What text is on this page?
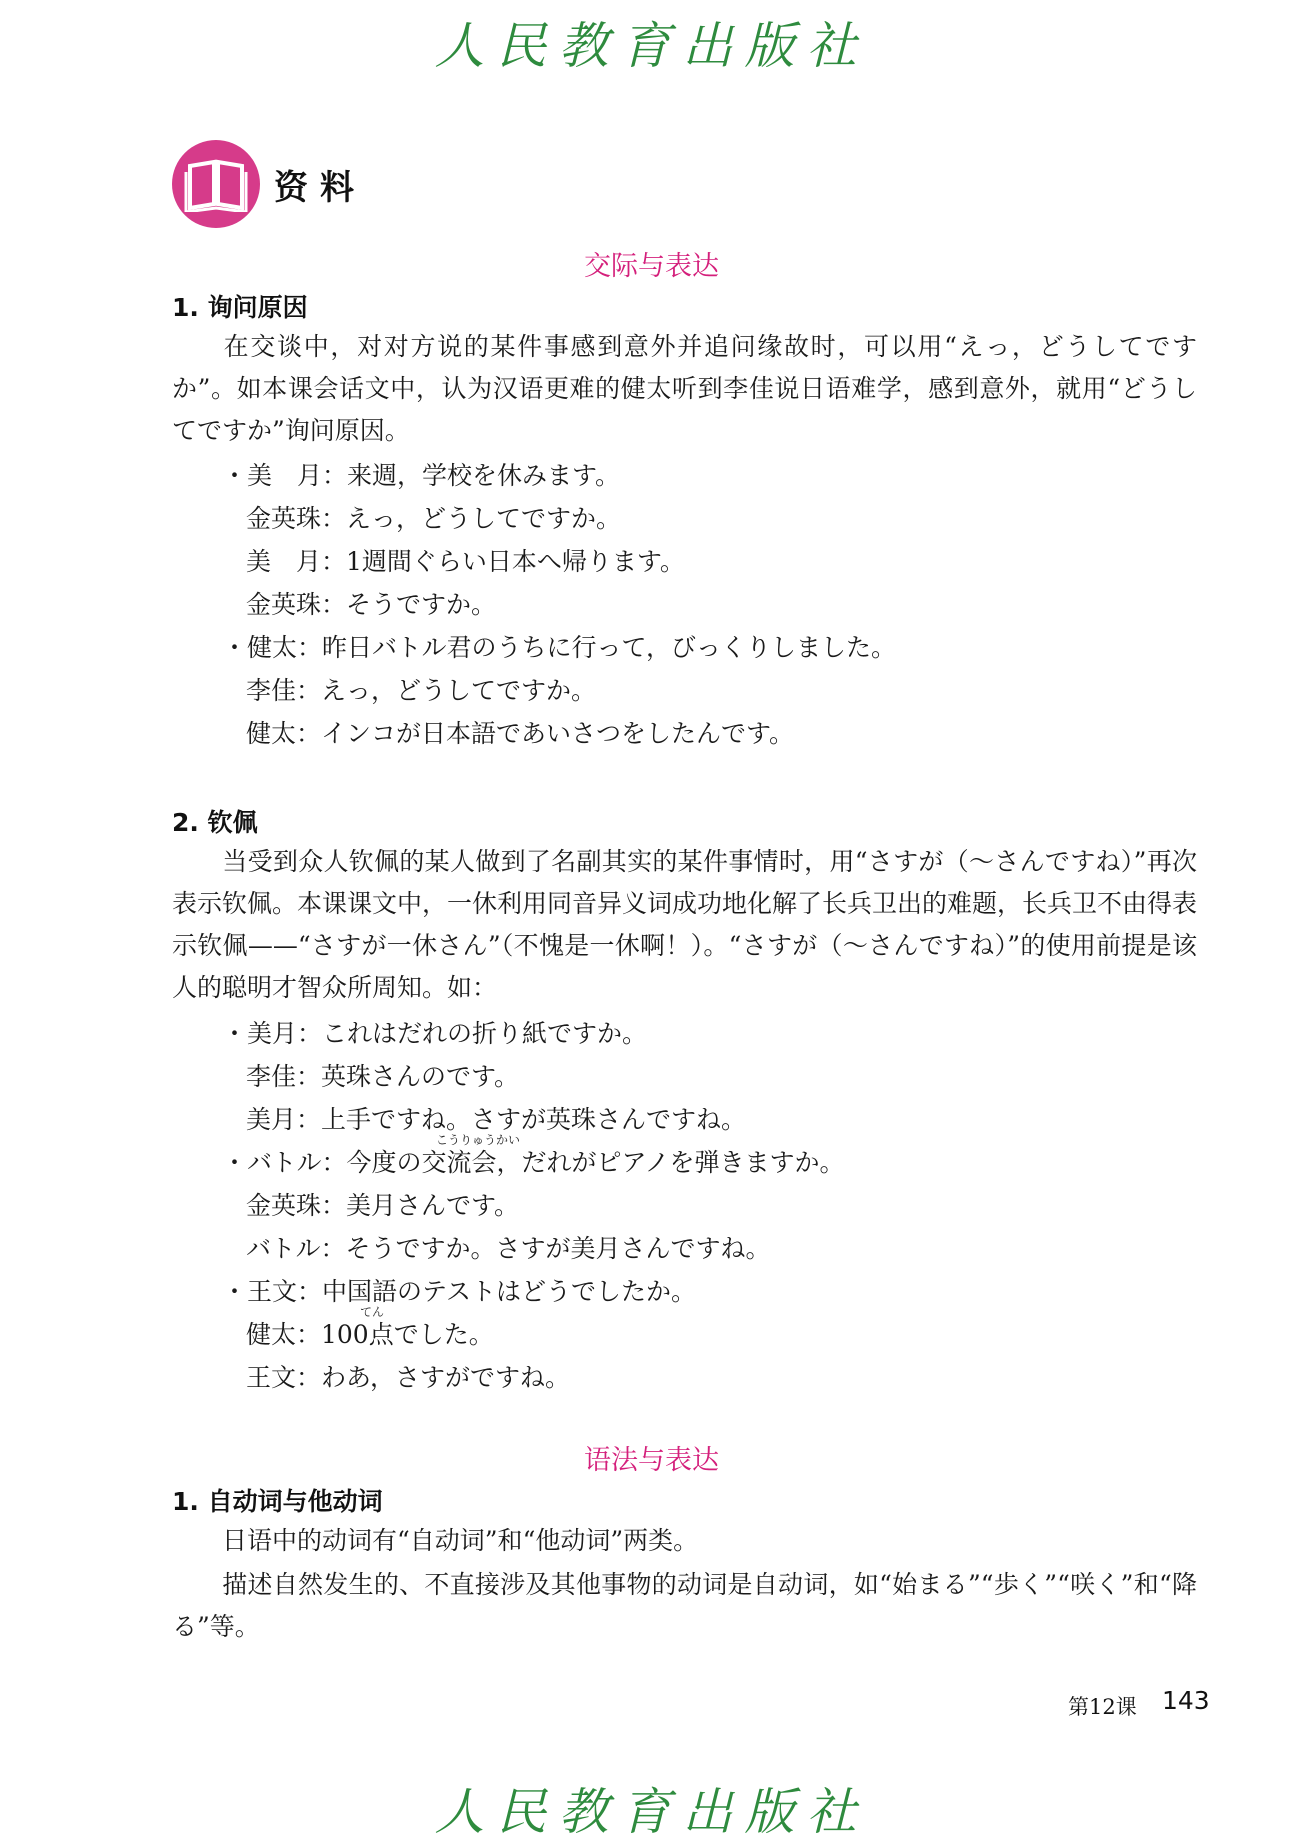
人民教育出版社
资料
交际与表达
1. 询问原因
在交谈中，对对方说的某件事感到意外并追问缘故时，可以用“えっ，どうしてですか”。如本课会话文中，认为汉语更难的健太听到李佳说日语难学，感到意外，就用“どうしてですか”询问原因。
・美　月：来週，学校を休みます。
金英珠：えっ，どうしてですか。
美　月：1週間ぐらい日本へ帰ります。
金英珠：そうですか。
・健太：昨日バトル君のうちに行って，びっくりしました。
李佳：えっ，どうしてですか。
健太：インコが日本語であいさつをしたんです。
2. 钦佩
当受到众人钦佩的某人做到了名副其实的某件事情时，用“さすが（～さんですね）”再次表示钦佩。本课课文中，一休利用同音异义词成功地化解了长兵卫出的难题，长兵卫不由得表示钦佩——“さすが一休さん”（不愧是一休啊！）。“さすが（～さんですね）”的使用前提是该人的聪明才智众所周知。如：
・美月：これはだれの折り紙ですか。
李佳：英珠さんのです。
美月：上手ですね。さすが英珠さんですね。
こうりゅうかい
・バトル：今度の交流会，だれがピアノを弾きますか。
金英珠：美月さんです。
バトル：そうですか。さすが美月さんですね。
・王文：中国語のテストはどうでしたか。
てん
健太：100点でした。
王文：わあ，さすがですね。
语法与表达
1. 自动词与他动词
日语中的动词有“自动词”和“他动词”两类。
描述自然发生的、不直接涉及其他事物的动词是自动词，如“始まる”“歩く”“咲く”和“降る”等。
第12课 143
人民教育出版社
